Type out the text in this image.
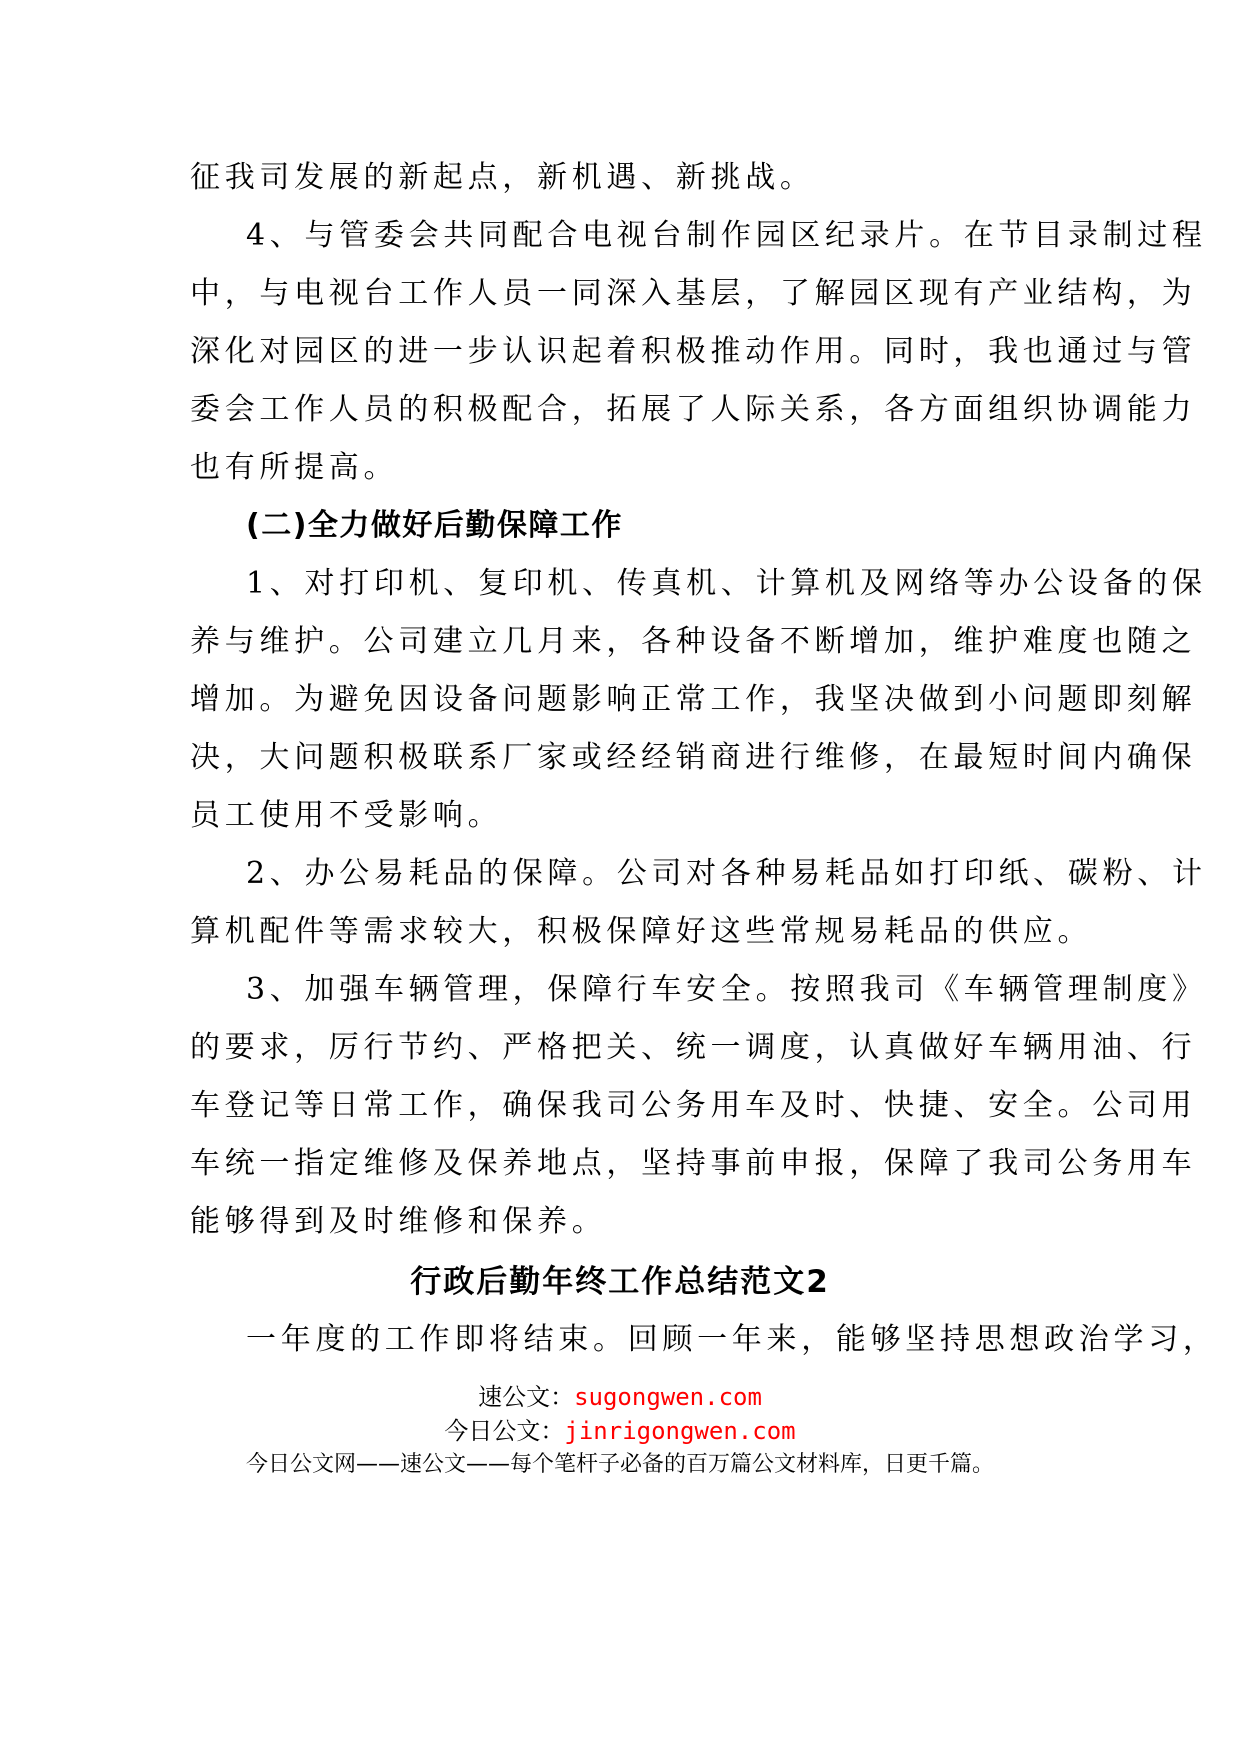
征我司发展的新起点，新机遇、新挑战。
4、与管委会共同配合电视台制作园区纪录片。在节目录制过程
中，与电视台工作人员一同深入基层，了解园区现有产业结构，为
深化对园区的进一步认识起着积极推动作用。同时，我也通过与管
委会工作人员的积极配合，拓展了人际关系，各方面组织协调能力
也有所提高。
(二)全力做好后勤保障工作
1、对打印机、复印机、传真机、计算机及网络等办公设备的保
养与维护。公司建立几月来，各种设备不断增加，维护难度也随之
增加。为避免因设备问题影响正常工作，我坚决做到小问题即刻解
决，大问题积极联系厂家或经经销商进行维修，在最短时间内确保
员工使用不受影响。
2、办公易耗品的保障。公司对各种易耗品如打印纸、碳粉、计
算机配件等需求较大，积极保障好这些常规易耗品的供应。
3、加强车辆管理，保障行车安全。按照我司《车辆管理制度》
的要求，厉行节约、严格把关、统一调度，认真做好车辆用油、行
车登记等日常工作，确保我司公务用车及时、快捷、安全。公司用
车统一指定维修及保养地点，坚持事前申报，保障了我司公务用车
能够得到及时维修和保养。
行政后勤年终工作总结范文2
一年度的工作即将结束。回顾一年来，能够坚持思想政治学习，
速公文：sugongwen.com
今日公文：jinrigongwen.com
今日公文网——速公文——每个笔杆子必备的百万篇公文材料库，日更千篇。
